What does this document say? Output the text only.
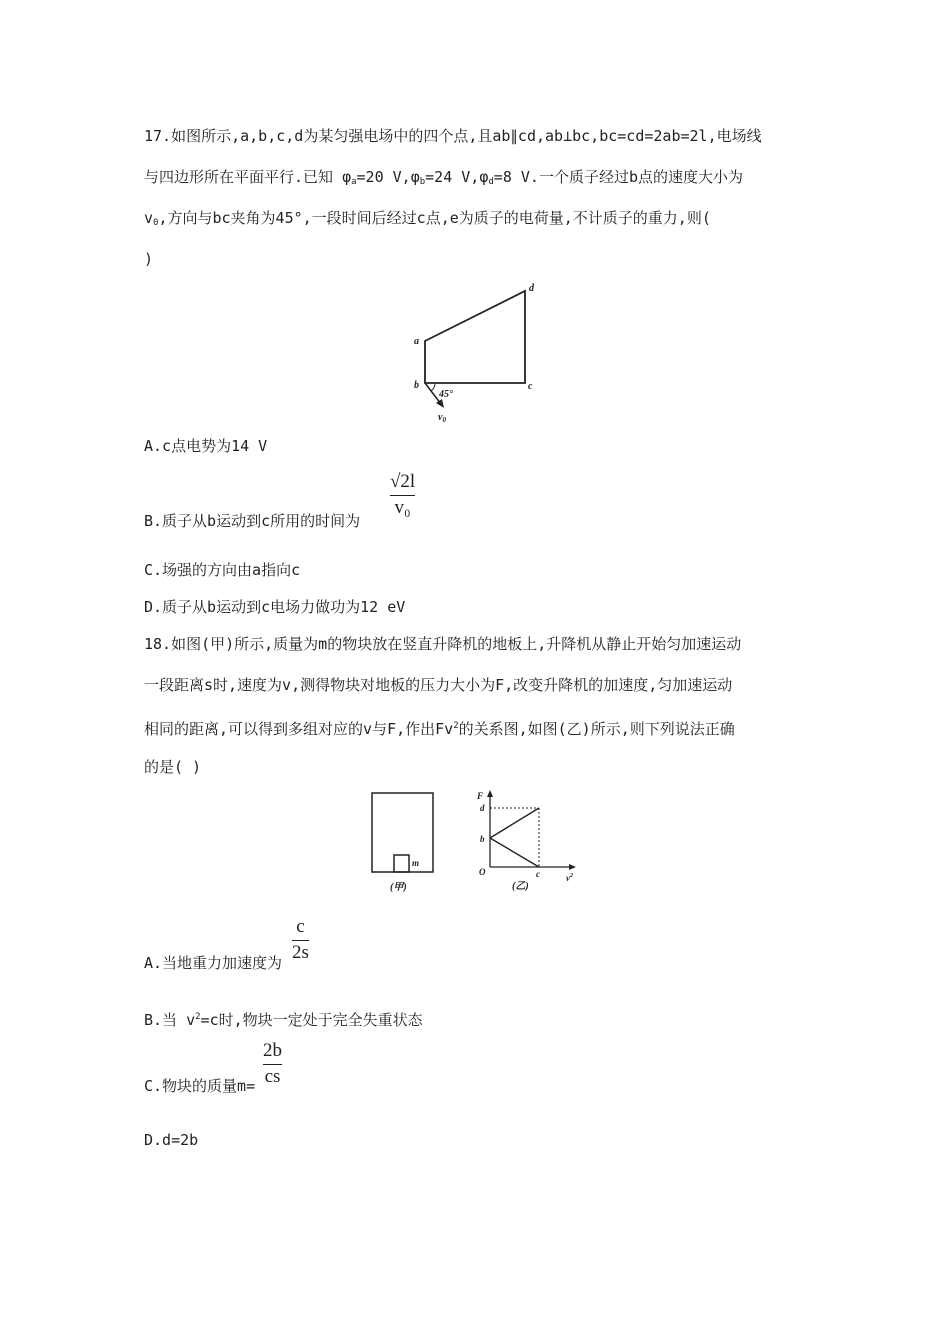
17.如图所示,a,b,c,d为某匀强电场中的四个点,且ab∥cd,ab⊥bc,bc=cd=2ab=2l,电场线
与四边形所在平面平行.已知 $\varphi_a=20$ $V,\varphi_b=24$ $V,\varphi_d=8$ V.一个质子经过b点的速度大小为
$v_0$,方向与bc夹角为45°,一段时间后经过c点,e为质子的电荷量,不计质子的重力,则(
)
d
a
b	c
45°
$v_0$
A.c点电势为14 V
B.质子从b运动到c所用的时间为
√2l
v₀
C.场强的方向由a指向c
D.质子从b运动到c电场力做功为12 eV
18.如图(甲)所示,质量为m的物块放在竖直升降机的地板上,升降机从静止开始匀加速运动
一段距离s时,速度为v,测得物块对地板的压力大小为F,改变升降机的加速度,匀加速运动
相同的距离,可以得到多组对应的v与F,作出Fv$^2$的关系图,如图(乙)所示,则下列说法正确
的是( )
m
(甲)
F
d
b
O	c	$v^2$
(乙)
A.当地重力加速度为
c
2s
B.当 $v^2=c$时,物块一定处于完全失重状态
C.物块的质量m=
2b
cs
D.d=2b
